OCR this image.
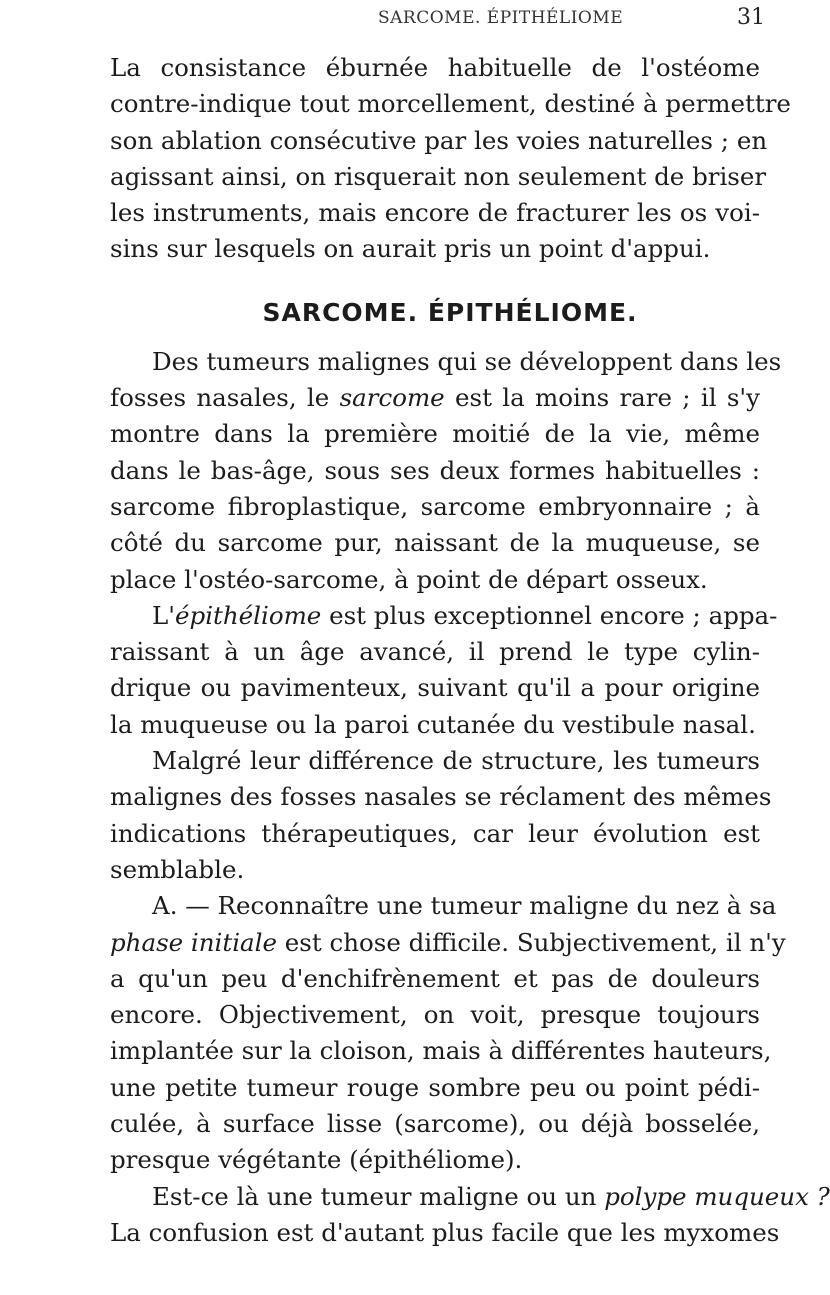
SARCOME. ÉPITHÉLIOME	31
La consistance éburnée habituelle de l'ostéome
contre-indique tout morcellement, destiné à permettre
son ablation consécutive par les voies naturelles ; en
agissant ainsi, on risquerait non seulement de briser
les instruments, mais encore de fracturer les os voi-
sins sur lesquels on aurait pris un point d'appui.
SARCOME. ÉPITHÉLIOME.
Des tumeurs malignes qui se développent dans les
fosses nasales, le sarcome est la moins rare ; il s'y
montre dans la première moitié de la vie, même
dans le bas-âge, sous ses deux formes habituelles :
sarcome fibroplastique, sarcome embryonnaire ; à
côté du sarcome pur, naissant de la muqueuse, se
place l'ostéo-sarcome, à point de départ osseux.
L'épithéliome est plus exceptionnel encore ; appa-
raissant à un âge avancé, il prend le type cylin-
drique ou pavimenteux, suivant qu'il a pour origine
la muqueuse ou la paroi cutanée du vestibule nasal.
Malgré leur différence de structure, les tumeurs
malignes des fosses nasales se réclament des mêmes
indications thérapeutiques, car leur évolution est
semblable.
A. — Reconnaître une tumeur maligne du nez à sa
phase initiale est chose difficile. Subjectivement, il n'y
a qu'un peu d'enchifrènement et pas de douleurs
encore. Objectivement, on voit, presque toujours
implantée sur la cloison, mais à différentes hauteurs,
une petite tumeur rouge sombre peu ou point pédi-
culée, à surface lisse (sarcome), ou déjà bosselée,
presque végétante (épithéliome).
Est-ce là une tumeur maligne ou un polype muqueux ?
La confusion est d'autant plus facile que les myxomes
